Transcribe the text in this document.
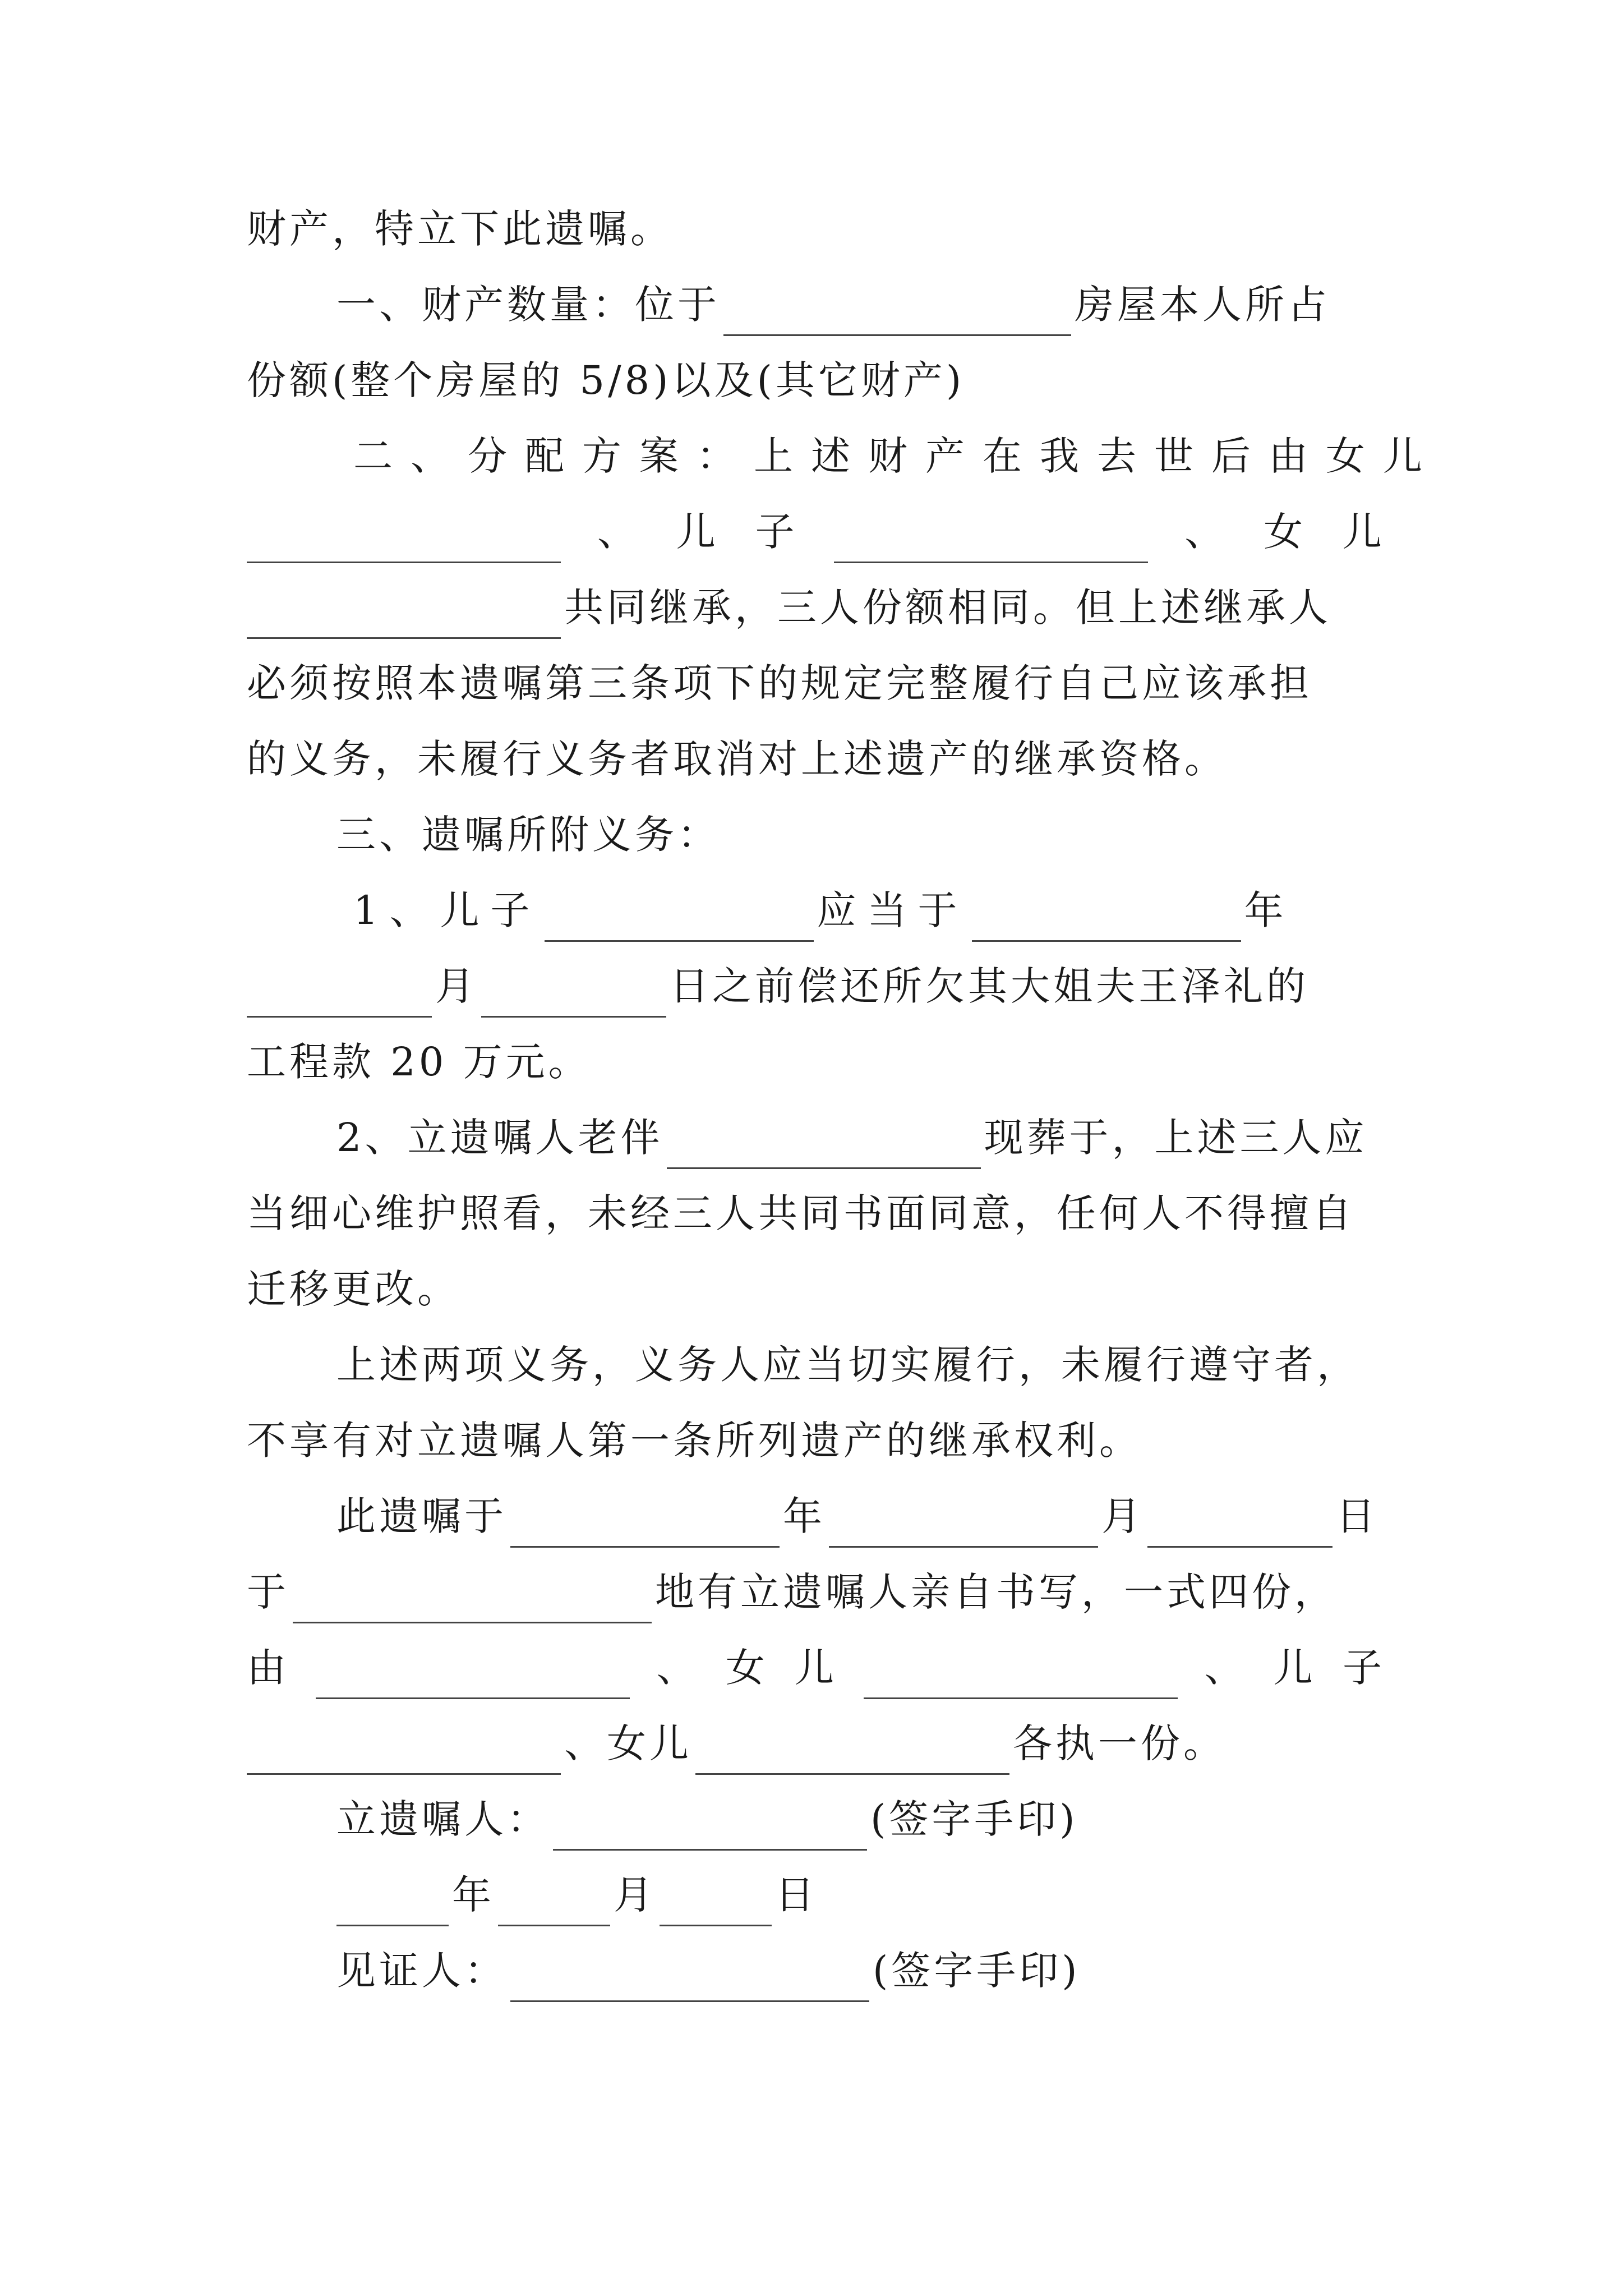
财产，特立下此遗嘱。
一、财产数量：位于	房屋本人所占
份额(整个房屋的 5/8)以及(其它财产)
二、分配方案：上述财产在我去世后由女儿
、 儿 子	、 女 儿
共同继承，三人份额相同。但上述继承人
必须按照本遗嘱第三条项下的规定完整履行自己应该承担
的义务，未履行义务者取消对上述遗产的继承资格。
三、遗嘱所附义务：
1、儿子	应当于	年
月	日之前偿还所欠其大姐夫王泽礼的
工程款 20 万元。
2、立遗嘱人老伴	现葬于，上述三人应
当细心维护照看，未经三人共同书面同意，任何人不得擅自
迁移更改。
上述两项义务，义务人应当切实履行，未履行遵守者，
不享有对立遗嘱人第一条所列遗产的继承权利。
此遗嘱于	年	月	日
于	地有立遗嘱人亲自书写，一式四份，
由	、 女 儿	、 儿 子
、女儿	各执一份。
立遗嘱人：	(签字手印)
年	月	日
见证人：	(签字手印)
